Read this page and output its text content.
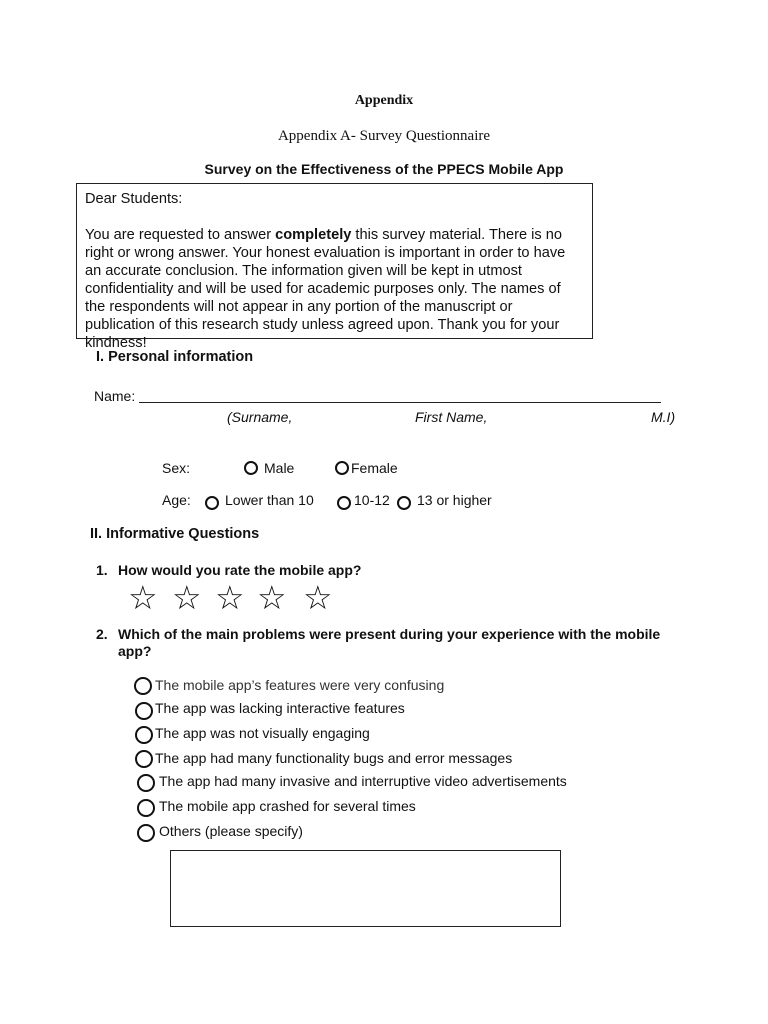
Appendix
Appendix A- Survey Questionnaire
Survey on the Effectiveness of the PPECS Mobile App

Dear Students:

You are requested to answer completely this survey material. There is no right or wrong answer. Your honest evaluation is important in order to have an accurate conclusion. The information given will be kept in utmost confidentiality and will be used for academic purposes only. The names of the respondents will not appear in any portion of the manuscript or publication of this research study unless agreed upon. Thank you for your kindness!

I. Personal information
Name:
(Surname,	First Name,	M.I)
Sex:	Male	Female
Age: Lower than 10	10-12 13 or higher
II. Informative Questions
1. How would you rate the mobile app?
☆ ☆ ☆ ☆ ☆
2. Which of the main problems were present during your experience with the mobile app?
The mobile app’s features were very confusing
The app was lacking interactive features
The app was not visually engaging
The app had many functionality bugs and error messages
The app had many invasive and interruptive video advertisements
The mobile app crashed for several times
Others (please specify)
